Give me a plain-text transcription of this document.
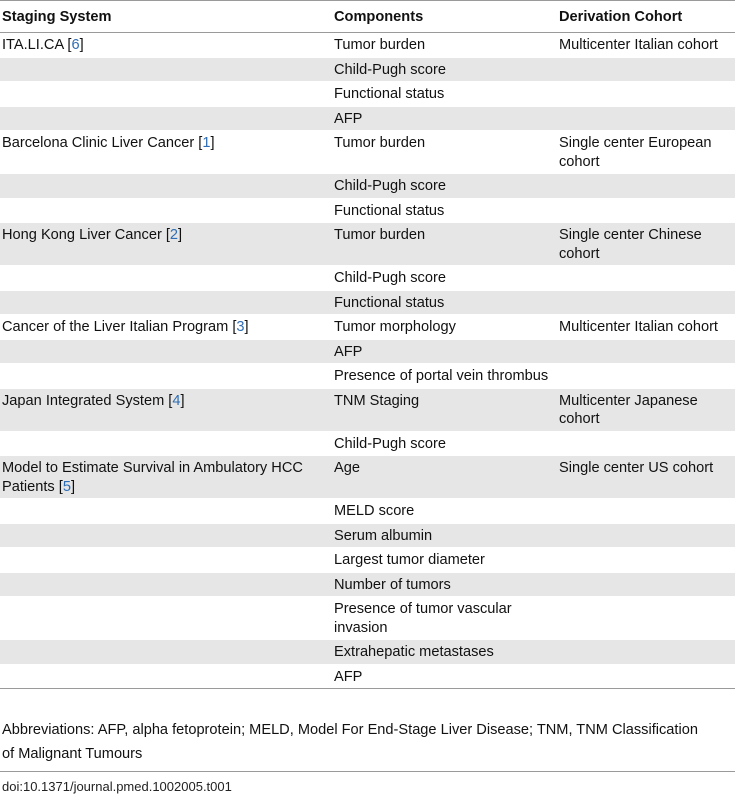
Staging System	Components	Derivation Cohort
ITA.LI.CA [6]	Tumor burden	Multicenter Italian cohort
	Child-Pugh score	
	Functional status	
	AFP	
Barcelona Clinic Liver Cancer [1]	Tumor burden	Single center European cohort
	Child-Pugh score	
	Functional status	
Hong Kong Liver Cancer [2]	Tumor burden	Single center Chinese cohort
	Child-Pugh score	
	Functional status	
Cancer of the Liver Italian Program [3]	Tumor morphology	Multicenter Italian cohort
	AFP	
	Presence of portal vein thrombus	
Japan Integrated System [4]	TNM Staging	Multicenter Japanese cohort
	Child-Pugh score	
Model to Estimate Survival in Ambulatory HCC Patients [5]	Age	Single center US cohort
	MELD score	
	Serum albumin	
	Largest tumor diameter	
	Number of tumors	
	Presence of tumor vascular invasion	
	Extrahepatic metastases	
	AFP	
Abbreviations: AFP, alpha fetoprotein; MELD, Model For End-Stage Liver Disease; TNM, TNM Classification of Malignant Tumours
doi:10.1371/journal.pmed.1002005.t001
